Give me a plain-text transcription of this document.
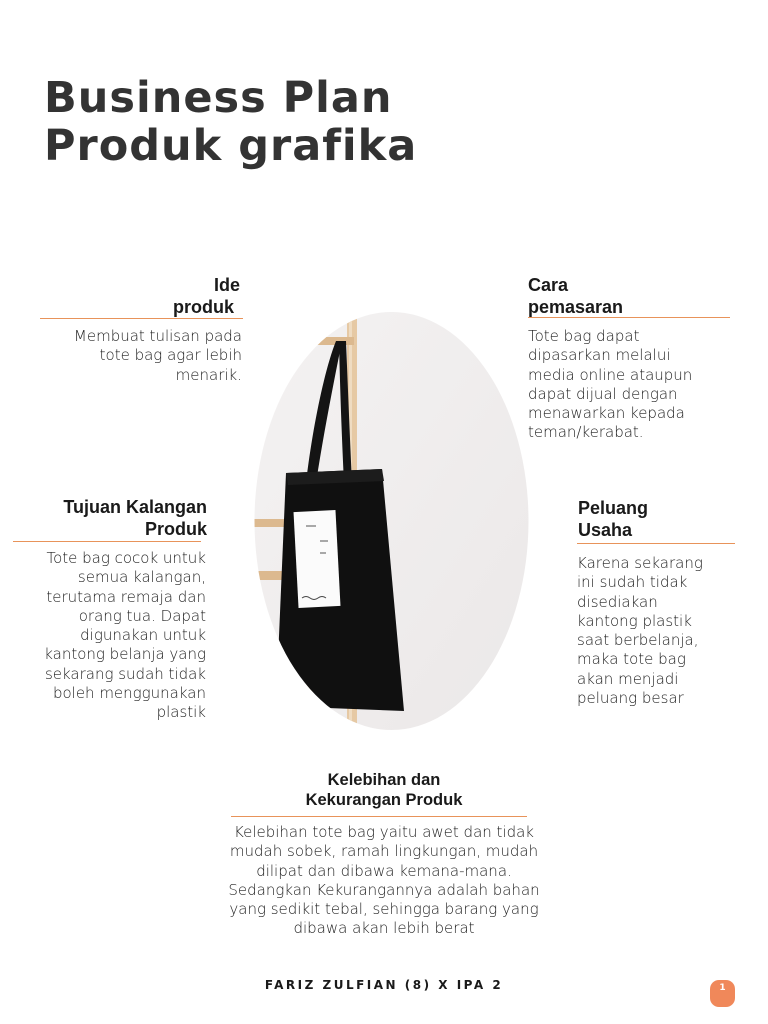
Business Plan
Produk grafika
Ide
produk
Membuat tulisan pada
tote bag agar lebih
menarik.
Cara
pemasaran
Tote bag dapat
dipasarkan melalui
media online ataupun
dapat dijual dengan
menawarkan kepada
teman/kerabat.
Tujuan Kalangan
Produk
Tote bag cocok untuk
semua kalangan,
terutama remaja dan
orang tua. Dapat
digunakan untuk
kantong belanja yang
sekarang sudah tidak
boleh menggunakan
plastik
Peluang
Usaha
Karena sekarang
ini sudah tidak
disediakan
kantong plastik
saat berbelanja,
maka tote bag
akan menjadi
peluang besar
Kelebihan dan
Kekurangan Produk
Kelebihan tote bag yaitu awet dan tidak
mudah sobek, ramah lingkungan, mudah
dilipat dan dibawa kemana-mana.
Sedangkan Kekurangannya adalah bahan
yang sedikit tebal, sehingga barang yang
dibawa akan lebih berat
FARIZ ZULFIAN (8) X IPA 2	1
